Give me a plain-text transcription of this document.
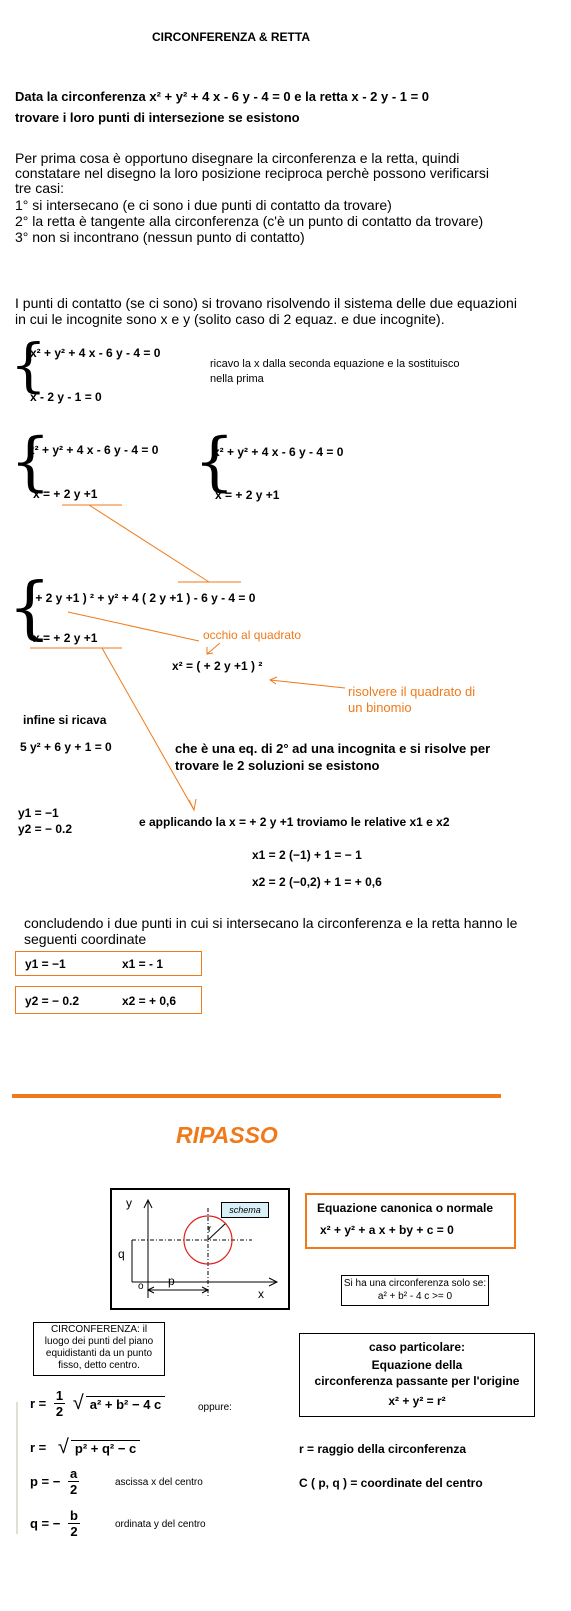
CIRCONFERENZA & RETTA
Data la circonferenza x² + y² + 4 x - 6 y - 4 = 0 e la retta x - 2 y - 1 = 0
trovare i loro punti di intersezione se esistono
Per prima cosa è opportuno disegnare la circonferenza e la retta, quindi
constatare nel disegno la loro posizione reciproca perchè possono verificarsi
tre casi:
1° si intersecano (e ci sono i due punti di contatto da trovare)
2° la retta è tangente alla circonferenza (c'è un punto di contatto da trovare)
3° non si incontrano (nessun punto di contatto)
I punti di contatto (se ci sono) si trovano risolvendo il sistema delle due equazioni
in cui le incognite sono x e y (solito caso di 2 equaz. e due incognite).
{
x² + y² + 4 x - 6 y - 4 = 0
x - 2 y - 1 = 0
ricavo la x dalla seconda equazione e la sostituisco
nella prima
{
x² + y² + 4 x - 6 y - 4 = 0
x = + 2 y +1 {
x² + y² + 4 x - 6 y - 4 = 0
x = + 2 y +1
{
( + 2 y +1 ) ² + y² + 4 ( 2 y +1 ) - 6 y - 4 = 0
x = + 2 y +1	occhio al quadrato
x² = ( + 2 y +1 ) ²
risolvere il quadrato di
un binomio
infine si ricava
5 y² + 6 y + 1 = 0	che è una eq. di 2° ad una incognita e si risolve per
trovare le 2 soluzioni se esistono
y1 = −1
y2 = − 0.2	e applicando la x = + 2 y +1 troviamo le relative x1 e x2
x1 = 2 (−1) + 1 = − 1
x2 = 2 (−0,2) + 1 = + 0,6
concludendo i due punti in cui si intersecano la circonferenza e la retta hanno le
seguenti coordinate
y1 = −1	x1 = - 1
y2 = − 0.2	x2 = + 0,6
RIPASSO
y
x
o
q
p
r
schema	Equazione canonica o normale
x² + y² + a x + by + c = 0
Si ha una circonferenza solo se:
a² + b² - 4 c >= 0
CIRCONFERENZA: il
luogo dei punti del piano
equidistanti da un punto
fisso, detto centro.
caso particolare:
Equazione della
circonferenza passante per l'origine
x² + y² = r²
$r = \frac{1}{2}$ √ a² + b² − 4 c	oppure:
r = √ p² + q² − c
p = − $\frac{a}{2}$	ascissa x del centro
q = − $\frac{b}{2}$	ordinata y del centro
r = raggio della circonferenza
C ( p, q ) = coordinate del centro
